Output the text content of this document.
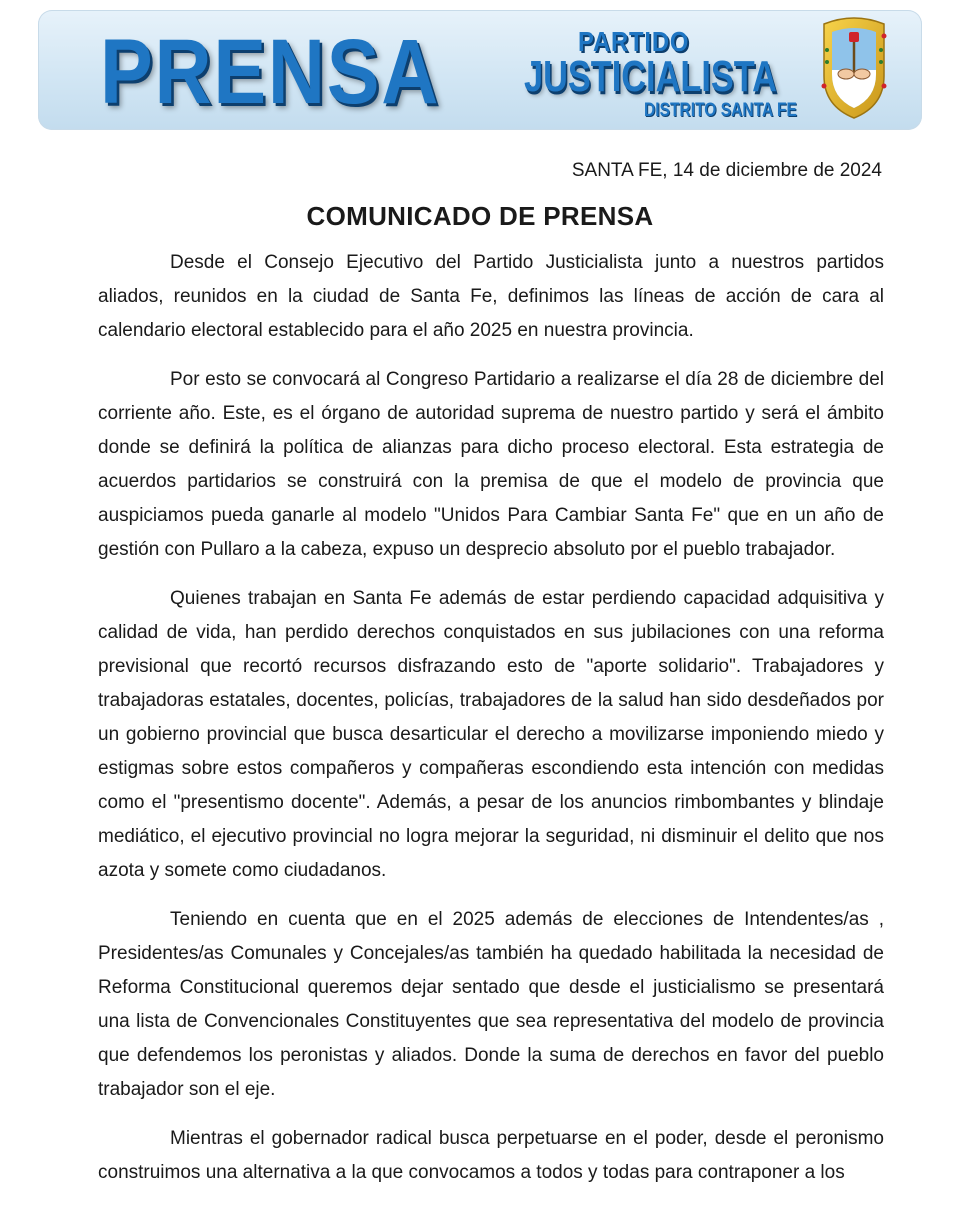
PRENSA	PARTIDO
JUSTICIALISTA
DISTRITO SANTA FE
SANTA FE, 14 de diciembre de 2024
COMUNICADO DE PRENSA

Desde el Consejo Ejecutivo del Partido Justicialista junto a nuestros partidos aliados, reunidos en la ciudad de Santa Fe, definimos las líneas de acción de cara al calendario electoral establecido para el año 2025 en nuestra provincia.

Por esto se convocará al Congreso Partidario a realizarse el día 28 de diciembre del corriente año. Este, es el órgano de autoridad suprema de nuestro partido y será el ámbito donde se definirá la política de alianzas para dicho proceso electoral. Esta estrategia de acuerdos partidarios se construirá con la premisa de que el modelo de provincia que auspiciamos pueda ganarle al modelo "Unidos Para Cambiar Santa Fe" que en un año de gestión con Pullaro a la cabeza, expuso un desprecio absoluto por el pueblo trabajador.

Quienes trabajan en Santa Fe además de estar perdiendo capacidad adquisitiva y calidad de vida, han perdido derechos conquistados en sus jubilaciones con una reforma previsional que recortó recursos disfrazando esto de "aporte solidario". Trabajadores y trabajadoras estatales, docentes, policías, trabajadores de la salud han sido desdeñados por un gobierno provincial que busca desarticular el derecho a movilizarse imponiendo miedo y estigmas sobre estos compañeros y compañeras escondiendo esta intención con medidas como el "presentismo docente". Además, a pesar de los anuncios rimbombantes y blindaje mediático, el ejecutivo provincial no logra mejorar la seguridad, ni disminuir el delito que nos azota y somete como ciudadanos.

Teniendo en cuenta que en el 2025 además de elecciones de Intendentes/as , Presidentes/as Comunales y Concejales/as también ha quedado habilitada la necesidad de Reforma Constitucional queremos dejar sentado que desde el justicialismo se presentará una lista de Convencionales Constituyentes que sea representativa del modelo de provincia que defendemos los peronistas y aliados. Donde la suma de derechos en favor del pueblo trabajador son el eje.

Mientras el gobernador radical busca perpetuarse en el poder, desde el peronismo construimos una alternativa a la que convocamos a todos y todas para contraponer a los
